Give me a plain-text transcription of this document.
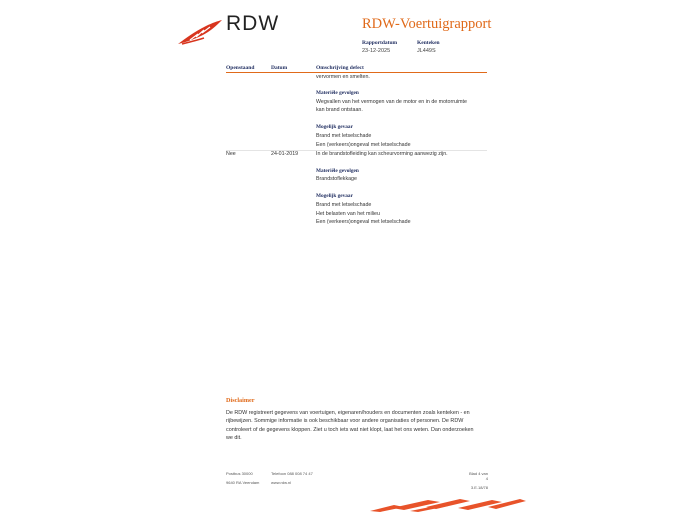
RDW	RDW-Voertuigrapport
Rapportdatum
23-12-2025
Kenteken
JL449S
Openstaand	Datum	Omschrijving defect
vervormen en smelten.
Materiële gevolgen
Wegvallen van het vermogen van de motor en in de motorruimte
kan brand ontstaan.
Mogelijk gevaar
Brand met letselschade
Een (verkeers)ongeval met letselschade
Nee	24-01-2019	In de brandstofleiding kan scheurvorming aanwezig zijn.
Materiële gevolgen
Brandstoflekkage
Mogelijk gevaar
Brand met letselschade
Het belasten van het milieu
Een (verkeers)ongeval met letselschade
Disclaimer
De RDW registreert gegevens van voertuigen, eigenaren/houders en documenten zoals kenteken - en
rijbewijzen. Sommige informatie is ook beschikbaar voor andere organisaties of personen. De RDW
controleert of de gegevens kloppen. Ziet u toch iets wat niet klopt, laat het ons weten. Dan onderzoeken
we dit.
Postbus 30000
9640 RA Veendam
Telefoon 088 008 74 47
www.rdw.nl
Blad 4 van 4
3.E.18/78
